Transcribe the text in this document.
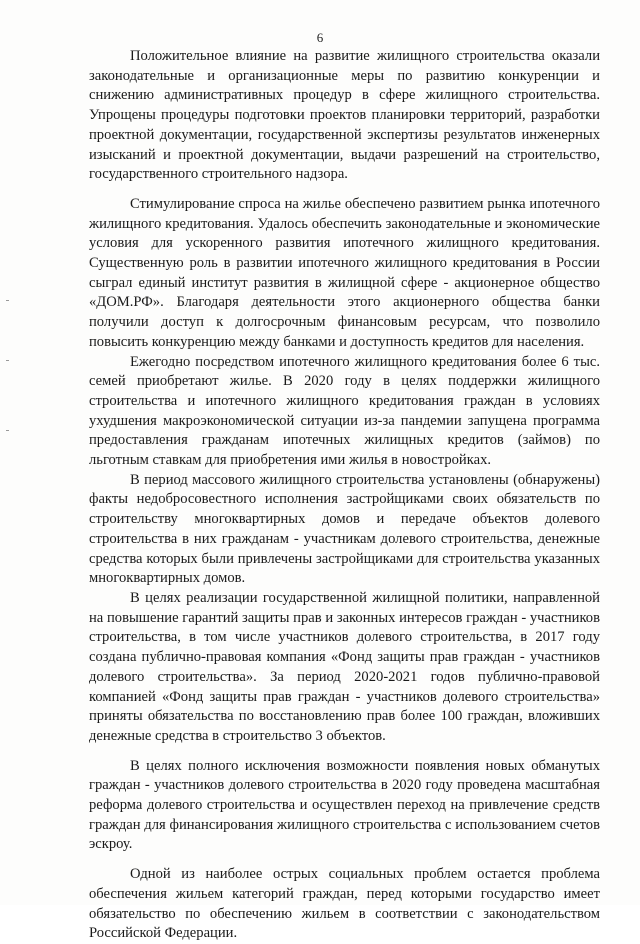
6

Положительное влияние на развитие жилищного строительства оказали законодательные и организационные меры по развитию конкуренции и снижению административных процедур в сфере жилищного строительства. Упрощены процедуры подготовки проектов планировки территорий, разработки проектной документации, государственной экспертизы результатов инженерных изысканий и проектной документации, выдачи разрешений на строительство, государственного строительного надзора.

Стимулирование спроса на жилье обеспечено развитием рынка ипотечного жилищного кредитования. Удалось обеспечить законодательные и экономические условия для ускоренного развития ипотечного жилищного кредитования. Существенную роль в развитии ипотечного жилищного кредитования в России сыграл единый институт развития в жилищной сфере - акционерное общество «ДОМ.РФ». Благодаря деятельности этого акционерного общества банки получили доступ к долгосрочным финансовым ресурсам, что позволило повысить конкуренцию между банками и доступность кредитов для населения.

Ежегодно посредством ипотечного жилищного кредитования более 6 тыс. семей приобретают жилье. В 2020 году в целях поддержки жилищного строительства и ипотечного жилищного кредитования граждан в условиях ухудшения макроэкономической ситуации из-за пандемии запущена программа предоставления гражданам ипотечных жилищных кредитов (займов) по льготным ставкам для приобретения ими жилья в новостройках.

В период массового жилищного строительства установлены (обнаружены) факты недобросовестного исполнения застройщиками своих обязательств по строительству многоквартирных домов и передаче объектов долевого строительства в них гражданам - участникам долевого строительства, денежные средства которых были привлечены застройщиками для строительства указанных многоквартирных домов.

В целях реализации государственной жилищной политики, направленной на повышение гарантий защиты прав и законных интересов граждан - участников строительства, в том числе участников долевого строительства, в 2017 году создана публично-правовая компания «Фонд защиты прав граждан - участников долевого строительства». За период 2020-2021 годов публично-правовой компанией «Фонд защиты прав граждан - участников долевого строительства» приняты обязательства по восстановлению прав более 100 граждан, вложивших денежные средства в строительство 3 объектов.

В целях полного исключения возможности появления новых обманутых граждан - участников долевого строительства в 2020 году проведена масштабная реформа долевого строительства и осуществлен переход на привлечение средств граждан для финансирования жилищного строительства с использованием счетов эскроу.

Одной из наиболее острых социальных проблем остается проблема обеспечения жильем категорий граждан, перед которыми государство имеет обязательство по обеспечению жильем в соответствии с законодательством Российской Федерации.
